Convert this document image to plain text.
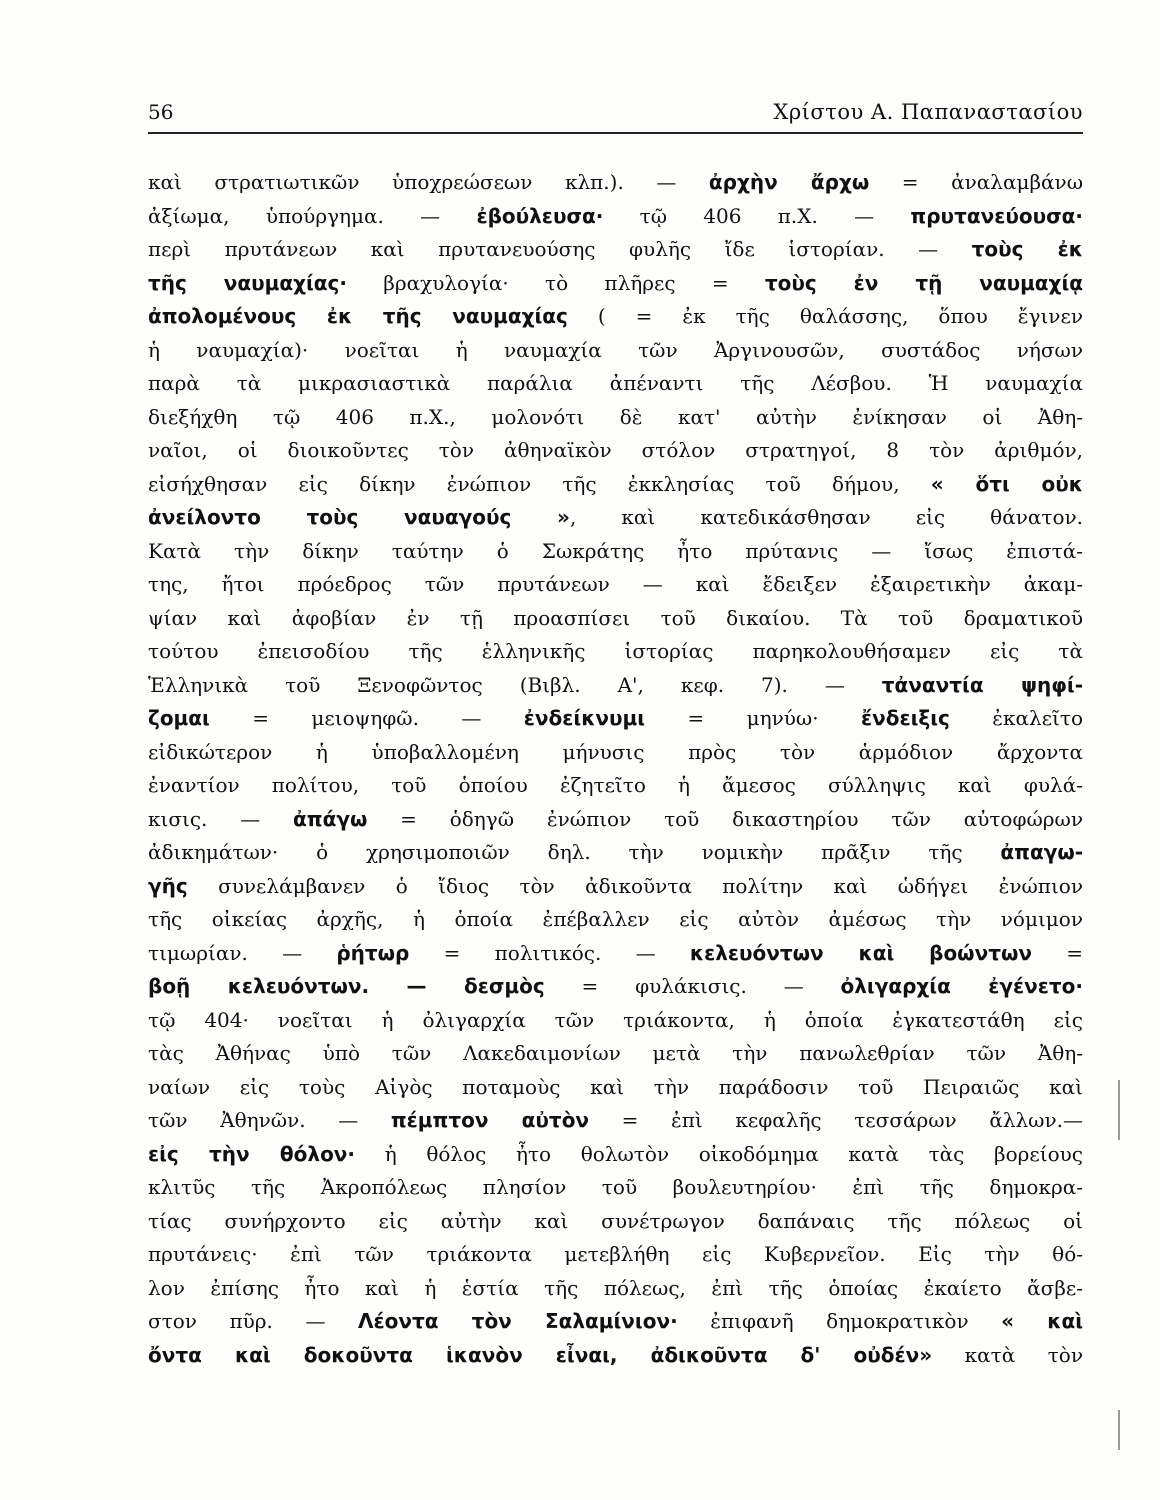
56	Χρίστου Α. Παπαναστασίου
καὶ στρατιωτικῶν ὑποχρεώσεων κλπ.). — ἀρχὴν ἄρχω = ἀναλαμβάνω
ἀξίωμα, ὑπούργημα. — ἐβούλευσα· τῷ 406 π.Χ. — πρυτανεύουσα·
περὶ πρυτάνεων καὶ πρυτανευούσης φυλῆς ἴδε ἱστορίαν. — τοὺς ἐκ
τῆς ναυμαχίας· βραχυλογία· τὸ πλῆρες = τοὺς ἐν τῇ ναυμαχίᾳ
ἀπολομένους ἐκ τῆς ναυμαχίας ( = ἐκ τῆς θαλάσσης, ὅπου ἔγινεν
ἡ ναυμαχία)· νοεῖται ἡ ναυμαχία τῶν Ἀργινουσῶν, συστάδος νήσων
παρὰ τὰ μικρασιαστικὰ παράλια ἀπέναντι τῆς Λέσβου. Ἡ ναυμαχία
διεξήχθη τῷ 406 π.Χ., μολονότι δὲ κατ' αὐτὴν ἐνίκησαν οἱ Ἀθη-
ναῖοι, οἱ διοικοῦντες τὸν ἀθηναϊκὸν στόλον στρατηγοί, 8 τὸν ἀριθμόν,
εἰσήχθησαν εἰς δίκην ἐνώπιον τῆς ἐκκλησίας τοῦ δήμου, « ὅτι οὐκ
ἀνείλοντο τοὺς ναυαγούς », καὶ κατεδικάσθησαν εἰς θάνατον.
Κατὰ τὴν δίκην ταύτην ὁ Σωκράτης ἦτο πρύτανις — ἴσως ἐπιστά-
της, ἤτοι πρόεδρος τῶν πρυτάνεων — καὶ ἔδειξεν ἐξαιρετικὴν ἀκαμ-
ψίαν καὶ ἀφοβίαν ἐν τῇ προασπίσει τοῦ δικαίου. Τὰ τοῦ δραματικοῦ
τούτου ἐπεισοδίου τῆς ἑλληνικῆς ἱστορίας παρηκολουθήσαμεν εἰς τὰ
Ἑλληνικὰ τοῦ Ξενοφῶντος (Βιβλ. Α', κεφ. 7). — τἀναντία ψηφί-
ζομαι = μειοψηφῶ. — ἐνδείκνυμι = μηνύω· ἔνδειξις ἐκαλεῖτο
εἰδικώτερον ἡ ὑποβαλλομένη μήνυσις πρὸς τὸν ἁρμόδιον ἄρχοντα
ἐναντίον πολίτου, τοῦ ὁποίου ἐζητεῖτο ἡ ἄμεσος σύλληψις καὶ φυλά-
κισις. — ἀπάγω = ὁδηγῶ ἐνώπιον τοῦ δικαστηρίου τῶν αὐτοφώρων
ἀδικημάτων· ὁ χρησιμοποιῶν δηλ. τὴν νομικὴν πρᾶξιν τῆς ἀπαγω-
γῆς συνελάμβανεν ὁ ἴδιος τὸν ἀδικοῦντα πολίτην καὶ ὡδήγει ἐνώπιον
τῆς οἰκείας ἀρχῆς, ἡ ὁποία ἐπέβαλλεν εἰς αὐτὸν ἀμέσως τὴν νόμιμον
τιμωρίαν. — ῥήτωρ = πολιτικός. — κελευόντων καὶ βοώντων =
βοῇ κελευόντων. — δεσμὸς = φυλάκισις. — ὀλιγαρχία ἐγένετο·
τῷ 404· νοεῖται ἡ ὀλιγαρχία τῶν τριάκοντα, ἡ ὁποία ἐγκατεστάθη εἰς
τὰς Ἀθήνας ὑπὸ τῶν Λακεδαιμονίων μετὰ τὴν πανωλεθρίαν τῶν Ἀθη-
ναίων εἰς τοὺς Αἰγὸς ποταμοὺς καὶ τὴν παράδοσιν τοῦ Πειραιῶς καὶ
τῶν Ἀθηνῶν. — πέμπτον αὐτὸν = ἐπὶ κεφαλῆς τεσσάρων ἄλλων.—
εἰς τὴν θόλον· ἡ θόλος ἦτο θολωτὸν οἰκοδόμημα κατὰ τὰς βορείους
κλιτῦς τῆς Ἀκροπόλεως πλησίον τοῦ βουλευτηρίου· ἐπὶ τῆς δημοκρα-
τίας συνήρχοντο εἰς αὐτὴν καὶ συνέτρωγον δαπάναις τῆς πόλεως οἱ
πρυτάνεις· ἐπὶ τῶν τριάκοντα μετεβλήθη εἰς Κυβερνεῖον. Εἰς τὴν θό-
λον ἐπίσης ἦτο καὶ ἡ ἑστία τῆς πόλεως, ἐπὶ τῆς ὁποίας ἐκαίετο ἄσβε-
στον πῦρ. — Λέοντα τὸν Σαλαμίνιον· ἐπιφανῆ δημοκρατικὸν « καὶ
ὄντα καὶ δοκοῦντα ἱκανὸν εἶναι, ἀδικοῦντα δ' οὐδέν» κατὰ τὸν
